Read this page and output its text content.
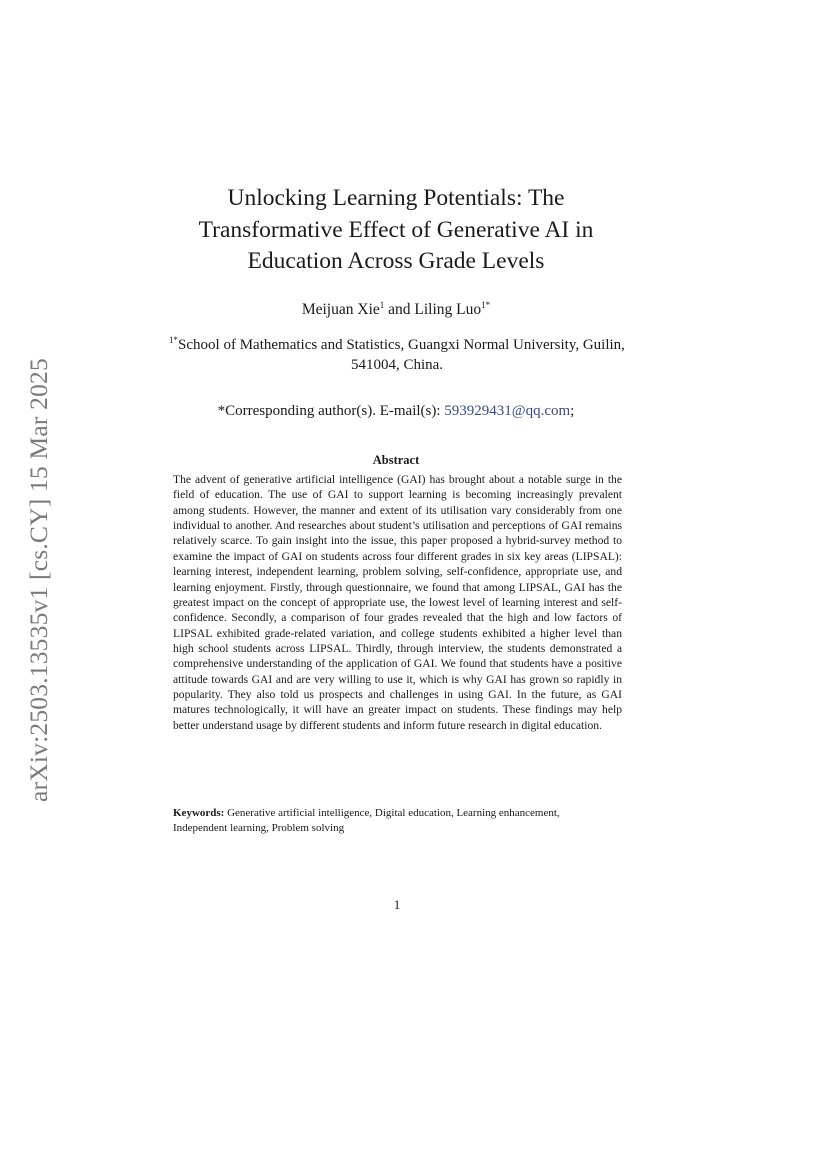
arXiv:2503.13535v1 [cs.CY] 15 Mar 2025
Unlocking Learning Potentials: The Transformative Effect of Generative AI in Education Across Grade Levels
Meijuan Xie$^1$ and Liling Luo$^{1*}$
$^{1*}$School of Mathematics and Statistics, Guangxi Normal University, Guilin, 541004, China.
*Corresponding author(s). E-mail(s): 593929431@qq.com;
Abstract

The advent of generative artificial intelligence (GAI) has brought about a notable surge in the field of education. The use of GAI to support learning is becoming increasingly prevalent among students. However, the manner and extent of its utilisation vary considerably from one individual to another. And researches about student’s utilisation and perceptions of GAI remains relatively scarce. To gain insight into the issue, this paper proposed a hybrid-survey method to examine the impact of GAI on students across four different grades in six key areas (LIPSAL): learning interest, independent learning, problem solving, self-confidence, appropriate use, and learning enjoyment. Firstly, through questionnaire, we found that among LIPSAL, GAI has the greatest impact on the concept of appropriate use, the lowest level of learning interest and self-confidence. Secondly, a comparison of four grades revealed that the high and low factors of LIPSAL exhibited grade-related variation, and college students exhibited a higher level than high school students across LIPSAL. Thirdly, through interview, the students demonstrated a comprehensive understanding of the application of GAI. We found that students have a positive attitude towards GAI and are very willing to use it, which is why GAI has grown so rapidly in popularity. They also told us prospects and challenges in using GAI. In the future, as GAI matures technologically, it will have an greater impact on students. These findings may help better understand usage by different students and inform future research in digital education.

Keywords: Generative artificial intelligence, Digital education, Learning enhancement, Independent learning, Problem solving

1
